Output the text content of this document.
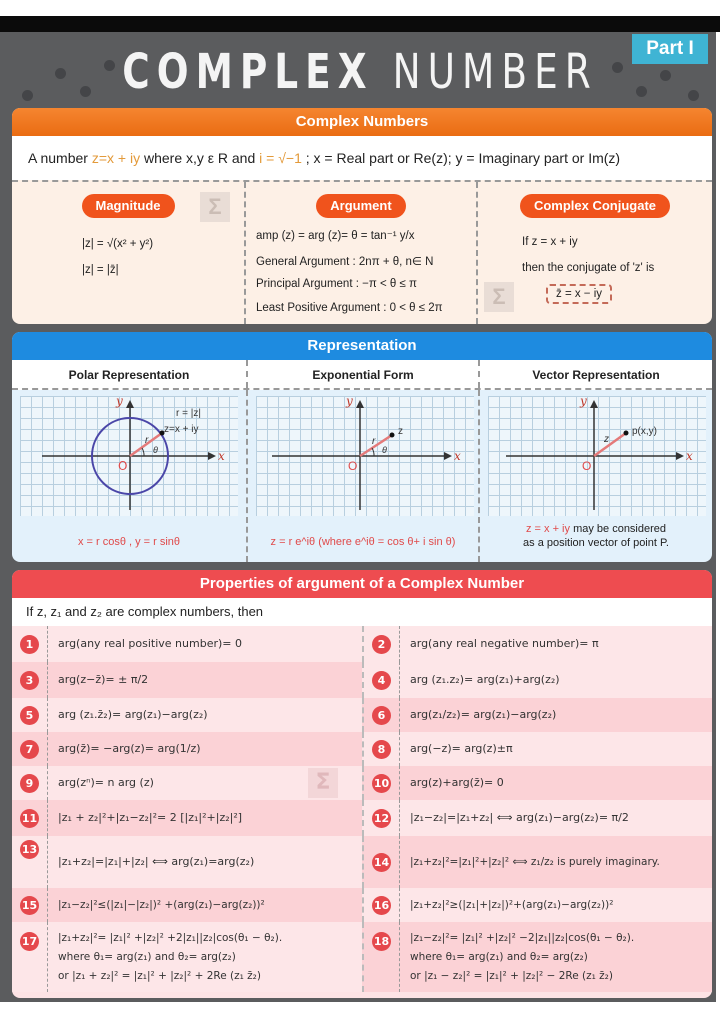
COMPLEX NUMBER	Part I
Complex Numbers
A number z=x + iy where x,y ε R and i = √−1 ; x = Real part or Re(z); y = Imaginary part or Im(z)
Magnitude	Σ
|z| = √(x² + y²)
|z| = |z̄|
Argument
amp (z) = arg (z)= θ = tan⁻¹ y/x
General Argument : 2nπ + θ, n∈ N
Principal Argument : −π < θ ≤ π
Least Positive Argument : 0 < θ ≤ 2π
Complex Conjugate
If z = x + iy
then the conjugate of 'z' is
Σ	z̄ = x − iy
Representation
Polar Representation	Exponential Form	Vector Representation
y
x
O
r
θ
z=x + iy
r = |z|
x = r cosθ , y = r sinθ
y
x
O
r
θ
z
z = r e^iθ (where e^iθ = cos θ+ i sin θ)
y
x
O
z
p(x,y)
z = x + iy may be considered
as a position vector of point P.
Properties of argument of a Complex Number
If z, z₁ and z₂ are complex numbers, then
1	arg(any real positive number)= 0	2	arg(any real negative number)= π
3	arg(z−z̄)= ± π/2	4	arg (z₁.z₂)= arg(z₁)+arg(z₂)
5	arg (z₁.z̄₂)= arg(z₁)−arg(z₂)	6	arg(z₁/z₂)= arg(z₁)−arg(z₂)
7	arg(z̄)= −arg(z)= arg(1/z)	8	arg(−z)= arg(z)±π
9	arg(zⁿ)= n arg (z)	Σ	10 arg(z)+arg(z̄)= 0
11 |z₁ + z₂|²+|z₁−z₂|²= 2 [|z₁|²+|z₂|²]	12 |z₁−z₂|=|z₁+z₂| ⟺ arg(z₁)−arg(z₂)= π/2
13
|z₁+z₂|=|z₁|+|z₂| ⟺ arg(z₁)=arg(z₂)	14 |z₁+z₂|²=|z₁|²+|z₂|² ⟺ z₁/z₂ is purely imaginary.
15 |z₁−z₂|²≤(|z₁|−|z₂|)² +(arg(z₁)−arg(z₂))²	16 |z₁+z₂|²≥(|z₁|+|z₂|)²+(arg(z₁)−arg(z₂))²
17 |z₁+z₂|²= |z₁|² +|z₂|² +2|z₁||z₂|cos(θ₁ − θ₂).
where θ₁= arg(z₁) and θ₂= arg(z₂)
or |z₁ + z₂|² = |z₁|² + |z₂|² + 2Re (z₁ z̄₂)
18 |z₁−z₂|²= |z₁|² +|z₂|² −2|z₁||z₂|cos(θ₁ − θ₂).
where θ₁= arg(z₁) and θ₂= arg(z₂)
or |z₁ − z₂|² = |z₁|² + |z₂|² − 2Re (z₁ z̄₂)
